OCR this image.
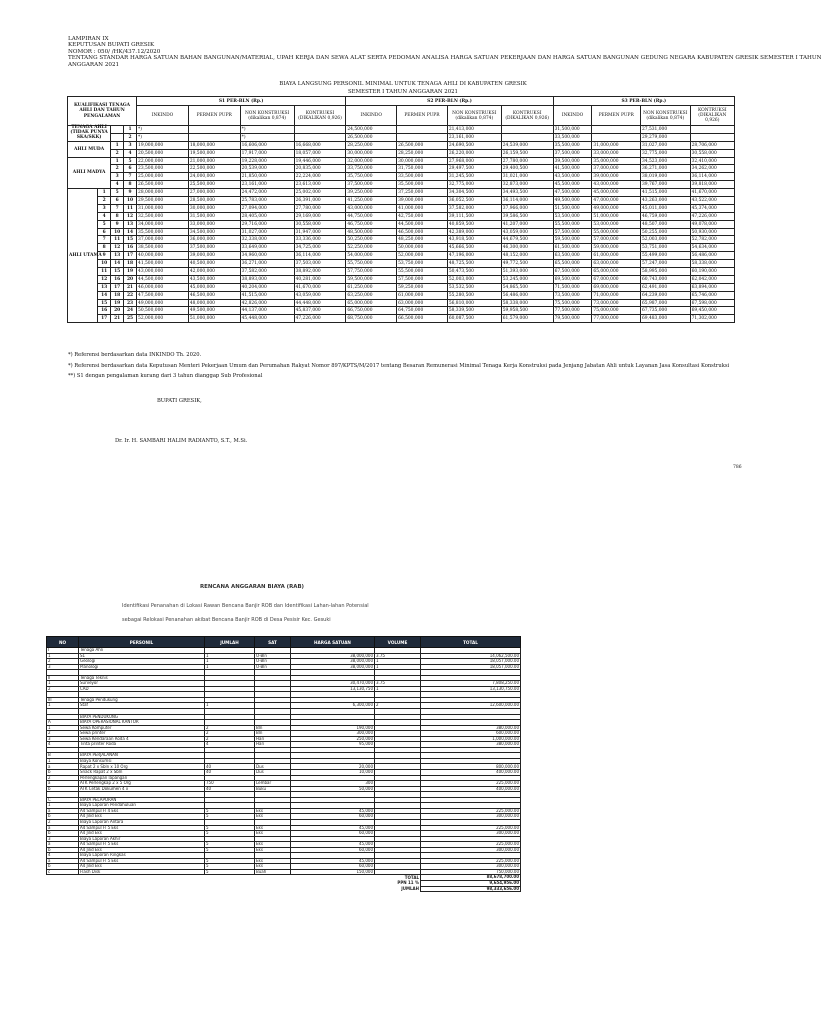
LAMPIRAN IX
KEPUTUSAN BUPATI GRESIK
NOMOR : 050/ /HK/437.12/2020
TENTANG STANDAR HARGA SATUAN BAHAN BANGUNAN/MATERIAL, UPAH KERJA DAN SEWA ALAT SERTA PEDOMAN ANALISA HARGA SATUAN PEKERJAAN DAN HARGA SATUAN BANGUNAN GEDUNG NEGARA KABUPATEN GRESIK SEMESTER I TAHUN
ANGGARAN 2021
BIAYA LANGSUNG PERSONIL MINIMAL UNTUK TENAGA AHLI DI KABUPATEN GRESIK
SEMESTER I TAHUN ANGGARAN 2021
KUALIFIKASI TENAGA AHLI DAN TAHUN PENGALAMAN				S1 PER-BLN (Rp.)				S2 PER-BLN (Rp.)				S3 PER-BLN (Rp.)			
				INKINDO	PERMEN PUPR	NON KONSTRUKSI (dikalikan 0,874)	KONTRUKSI (DIKALIKAN 0,926)	INKINDO	PERMEN PUPR	NON KONSTRUKSI (dikalikan 0,874)	KONTRUKSI (DIKALIKAN 0,926)	INKINDO	PERMEN PUPR	NON KONSTRUKSI (dikalikan 0,874)	KONTRUKSI (DIKALIKAN 0,926)
TENAGA AHLI (TIDAK PUNYA SKA/SKK)			1	*)		*)		24,500,000		21,413,000		31,500,000		27,531,000	
			2	*)		*)		26,500,000		23,161,000		33,500,000		29,279,000	
AHLI MUDA		1	3	19,000,000	18,000,000	16,606,000	16,668,000	28,250,000	26,500,000	24,690,500	24,539,000	35,500,000	31,000,000	31,027,000	28,706,000
		2	4	20,500,000	19,500,000	17,917,000	18,057,000	30,000,000	28,250,000	26,220,000	26,159,500	37,500,000	33,000,000	32,775,000	30,558,000
AHLI MADYA		1	5	22,000,000	21,000,000	19,228,000	19,446,000	32,000,000	30,000,000	27,968,000	27,780,000	39,500,000	35,000,000	34,523,000	32,410,000
		2	6	23,500,000	22,500,000	20,539,000	20,835,000	33,750,000	31,750,000	29,497,500	29,400,500	41,500,000	37,000,000	36,271,000	34,262,000
		3	7	25,000,000	24,000,000	21,850,000	22,224,000	35,750,000	33,500,000	31,245,500	31,021,000	43,500,000	39,000,000	38,019,000	36,114,000
		4	8	26,500,000	25,500,000	23,161,000	23,613,000	37,500,000	35,500,000	32,775,000	32,873,000	45,500,000	43,000,000	39,767,000	39,818,000
AHLI UTAMA	1	5	9	28,000,000	27,000,000	24,472,000	25,002,000	39,250,000	37,250,000	34,304,500	34,493,500	47,500,000	45,000,000	41,515,000	41,670,000
	2	6	10	29,500,000	28,500,000	25,783,000	26,391,000	41,250,000	39,000,000	36,052,500	36,114,000	49,500,000	47,000,000	43,263,000	43,522,000
	3	7	11	31,000,000	30,000,000	27,094,000	27,780,000	43,000,000	41,000,000	37,582,000	37,966,000	51,500,000	49,000,000	45,011,000	45,374,000
	4	8	12	32,500,000	31,500,000	28,405,000	29,169,000	44,750,000	42,750,000	39,111,500	39,586,500	53,500,000	51,000,000	46,759,000	47,226,000
	5	9	13	34,000,000	33,000,000	29,716,000	30,558,000	46,750,000	44,500,000	40,859,500	41,207,000	55,500,000	53,000,000	48,507,000	49,078,000
	6	10	14	35,500,000	34,500,000	31,027,000	31,947,000	48,500,000	46,500,000	42,389,000	43,059,000	57,500,000	55,000,000	50,255,000	50,930,000
	7	11	15	37,000,000	36,000,000	32,338,000	33,336,000	50,250,000	48,250,000	43,918,500	44,679,500	59,500,000	57,000,000	52,003,000	52,782,000
	8	12	16	38,500,000	37,500,000	33,649,000	34,725,000	52,250,000	50,000,000	45,666,500	46,300,000	61,500,000	59,000,000	53,751,000	54,634,000
	9	13	17	40,000,000	39,000,000	34,960,000	36,114,000	54,000,000	52,000,000	47,196,000	48,152,000	63,500,000	61,000,000	55,499,000	56,486,000
	10	14	18	41,500,000	40,500,000	36,271,000	37,503,000	55,750,000	53,750,000	48,725,500	49,772,500	65,500,000	63,000,000	57,247,000	58,338,000
	11	15	19	43,000,000	42,000,000	37,582,000	38,892,000	57,750,000	55,500,000	50,473,500	51,393,000	67,500,000	65,000,000	58,995,000	60,190,000
	12	16	20	44,500,000	43,500,000	38,893,000	40,281,000	59,500,000	57,500,000	52,003,000	53,245,000	69,500,000	67,000,000	60,743,000	62,042,000
	13	17	21	46,000,000	45,000,000	40,204,000	41,670,000	61,250,000	59,250,000	53,532,500	54,865,500	71,500,000	69,000,000	62,491,000	63,894,000
	14	18	22	47,500,000	46,500,000	41,515,000	43,059,000	63,250,000	61,000,000	55,280,500	56,486,000	73,500,000	71,000,000	64,239,000	65,746,000
	15	19	23	49,000,000	48,000,000	42,826,000	44,448,000	65,000,000	63,000,000	56,810,000	58,338,000	75,500,000	73,000,000	65,987,000	67,598,000
	16	20	24	50,500,000	49,500,000	44,137,000	45,837,000	66,750,000	64,750,000	58,339,500	59,958,500	77,500,000	75,000,000	67,735,000	69,450,000
	17	21	25	52,000,000	51,000,000	45,448,000	47,226,000	68,750,000	66,500,000	60,087,500	61,579,000	79,500,000	77,000,000	69,483,000	71,302,000
*) Referensi berdasarkan data INKINDO Th. 2020.
*) Referensi berdasarkan data Keputusan Menteri Pekerjaan Umum dan Perumahan Rakyat Nomor 897/KPTS/M/2017 tentang Besaran Remunerasi Minimal Tenaga Kerja Konstruksi pada Jenjang Jabatan Ahli untuk Layanan Jasa Konsultasi Konstruksi
**) S1 dengan pengalaman kurang dari 3 tahun dianggap Sub Profesional
BUPATI GRESIK,
Dr. Ir. H. SAMBARI HALIM RADIANTO, S.T., M.Si.
786
RENCANA ANGGARAN BIAYA (RAB)
Identifikasi Penanahan di Lokasi Rawan Bencana Banjir ROB dan Identifikasi Lahan-lahan Potensial
sebagai Relokasi Penanahan akibat Bencana Banjir ROB di Desa Pesisir Kec. Gesuki
NO	PERSONIL	JUMLAH	SAT	HARGA SATUAN	VOLUME	TOTAL
I	Tenaga Ahli					
1	S1	1	O-Bln	38,000,000	3.75	14,062,500.00
2	Geologi	1	O-Bln	38,000,000	1	18,057,000.00
3	Planologi	1	O-Bln	38,000,000	1	18,057,000.00

II	Tenaga Teknis					
1	Surveyor			30,470,000	3.75	7,808,250.00
2	CAD			13,130,750	1	13,130,750.00

III	Tenaga Pendukung					
1	Staf	1		6,300,000	2	12,600,000.00

	BIAYA PENDUKUNG					
A	BIAYA OPERASIONAL KANTOR					
1	Sewa Komputer	2	Bln	190,000		380,000.00
2	Sewa printer	2	Bln	300,000		600,000.00
3	Sewa Kendaraan Roda 4	2	Hari	250,000		1,000,000.00
4	Tinta printer Roda	4	Hari	95,000		380,000.00

B	BIAYA PERJALANAN					
1	Biaya Konsumsi					
a	Rapat 2 x Sbln x 10 Org	40	Dus	20,000		800,000.00
b	Snack Rapat 2 x Sbln	40	Dus	10,000		400,000.00
2	Perlengkapan lapangan					
a	ATK Perlengkap 2 x 5 Org	750	Lembar	300		225,000.00
b	ATK Cetak Dokumen 4 x	40	Buku	50,000		400,000.00

C	BIAYA PELAPORAN					
1	Biaya Laporan Pendahuluan					
a	A4 Sampul Fl 4 Eks	5	Eks	45,000		225,000.00
b	A4 Jilid Eks	5	Eks	60,000		300,000.00
2	Biaya Laporan Antara					
a	A4 Sampul Fl 5 Eks	5	Eks	45,000		225,000.00
b	A4 Jilid Eks	5	Eks	60,000		300,000.00
3	Biaya Laporan Akhir					
a	A4 Sampul Fl 5 Eks	5	Eks	45,000		225,000.00
b	A4 Jilid Eks	5	Eks	60,000		300,000.00
4	Biaya Laporan Ringkas					
a	A4 Sampul Fl 5 Eks	5	Eks	45,000		225,000.00
b	A4 Jilid Eks	5	Eks	60,000		300,000.00
c	Flash Disk	5	Buah	150,000		750,000.00
					TOTAL	88,678,700.00
					PPN 11 %	9,654,956.00
					JUMLAH	98,333,656.00
